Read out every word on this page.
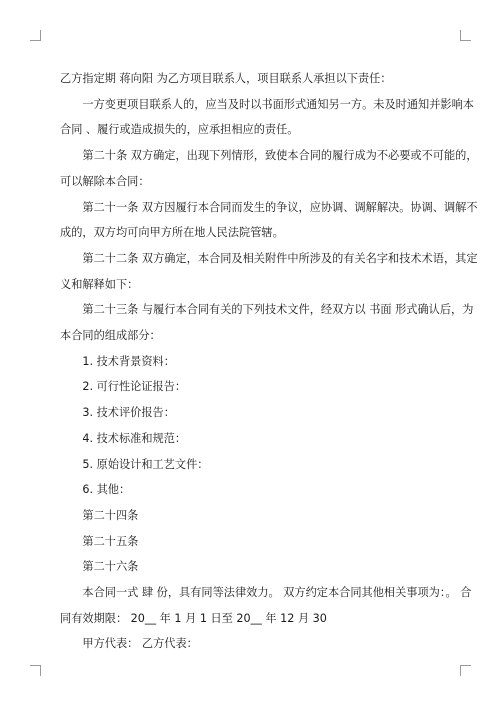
乙方指定期 蒋向阳 为乙方项目联系人，项目联系人承担以下责任：

一方变更项目联系人的，应当及时以书面形式通知另一方。未及时通知并影响本

合同 、履行或造成损失的，应承担相应的责任。

第二十条 双方确定，出现下列情形，致使本合同的履行成为不必要或不可能的，

可以解除本合同：

第二十一条 双方因履行本合同而发生的争议，应协调、调解解决。协调、调解不

成的，双方均可向甲方所在地人民法院管辖。

第二十二条 双方确定，本合同及相关附件中所涉及的有关名字和技术术语，其定

义和解释如下：

第二十三条 与履行本合同有关的下列技术文件，经双方以 书面 形式确认后，为

本合同的组成部分：

1. 技术背景资料：

2. 可行性论证报告：

3. 技术评价报告：

4. 技术标准和规范：

5. 原始设计和工艺文件：

6. 其他：

第二十四条

第二十五条

第二十六条

本合同一式 肆 份，具有同等法律效力。 双方约定本合同其他相关事项为：。 合

同有效期限： 20__ 年 1 月 1 日至 20__ 年 12 月 30

甲方代表： 乙方代表：
